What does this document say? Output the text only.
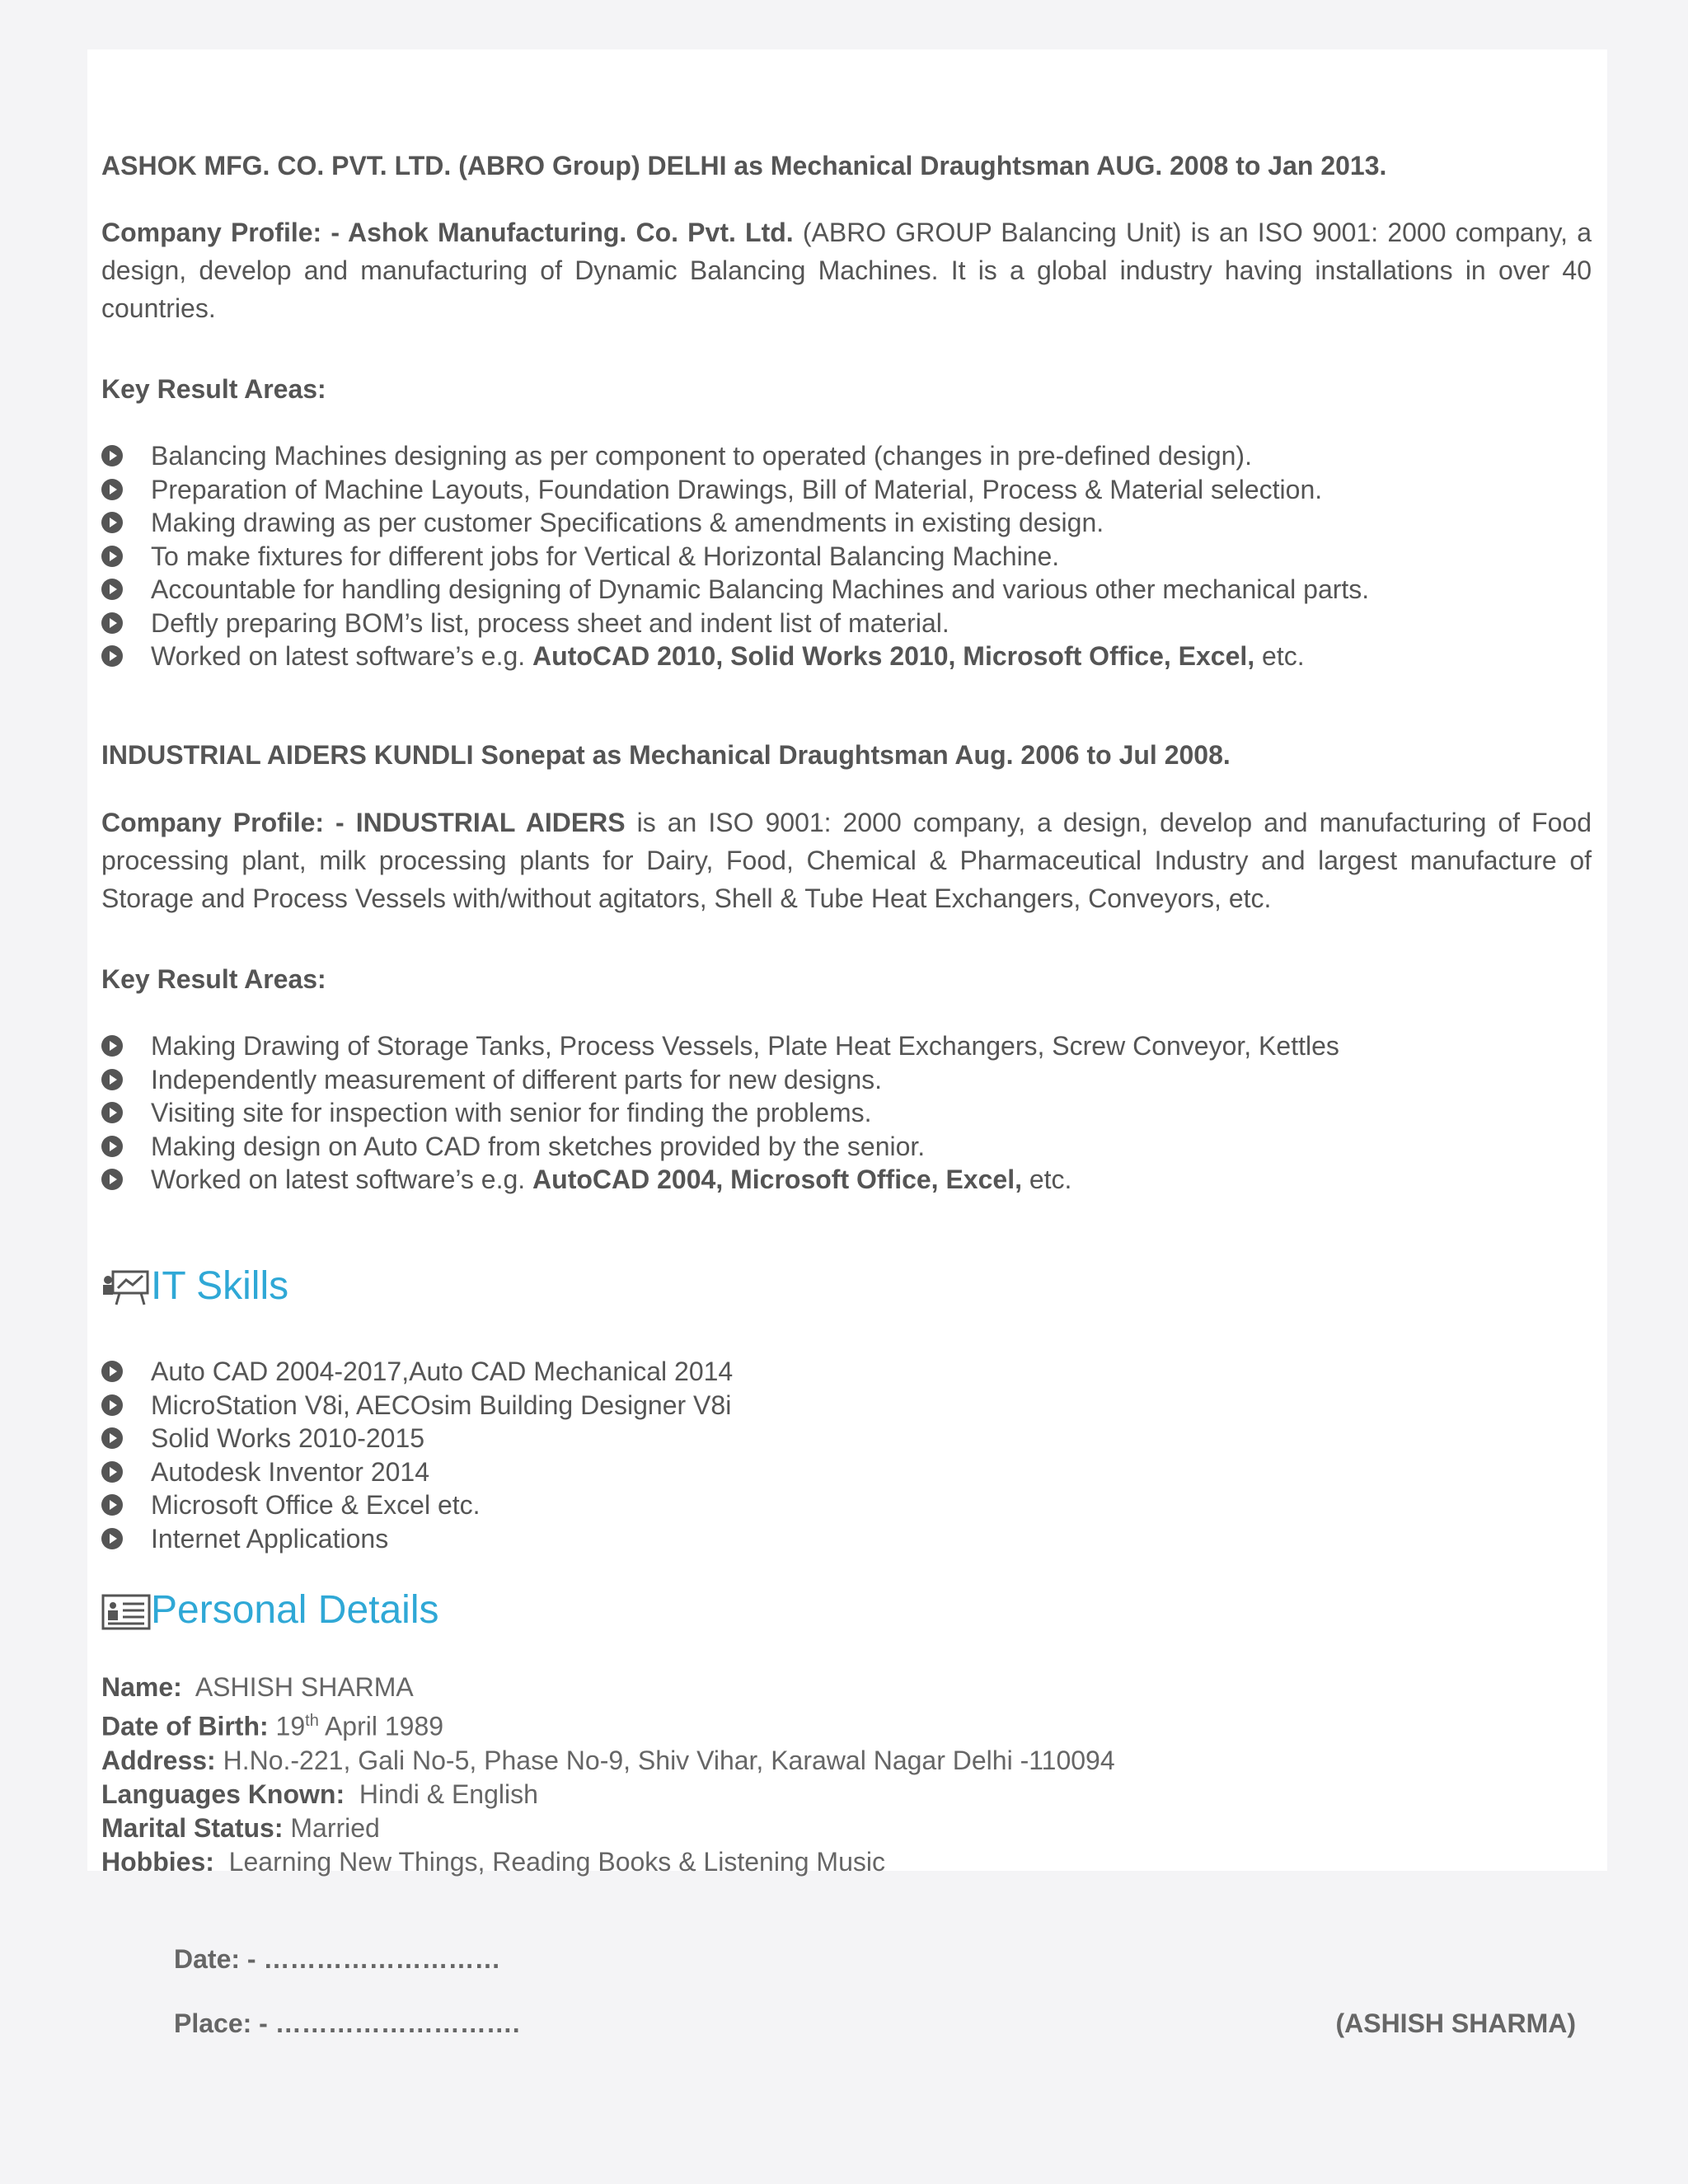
ASHOK MFG. CO. PVT. LTD. (ABRO Group) DELHI as Mechanical Draughtsman AUG. 2008 to Jan 2013.
Company Profile: - Ashok Manufacturing. Co. Pvt. Ltd. (ABRO GROUP Balancing Unit) is an ISO 9001: 2000 company, a design, develop and manufacturing of Dynamic Balancing Machines. It is a global industry having installations in over 40 countries.
Key Result Areas:
Balancing Machines designing as per component to operated (changes in pre-defined design).
Preparation of Machine Layouts, Foundation Drawings, Bill of Material, Process & Material selection.
Making drawing as per customer Specifications & amendments in existing design.
To make fixtures for different jobs for Vertical & Horizontal Balancing Machine.
Accountable for handling designing of Dynamic Balancing Machines and various other mechanical parts.
Deftly preparing BOM’s list, process sheet and indent list of material.
Worked on latest software’s e.g. AutoCAD 2010, Solid Works 2010, Microsoft Office, Excel, etc.
INDUSTRIAL AIDERS KUNDLI Sonepat as Mechanical Draughtsman Aug. 2006 to Jul 2008.
Company Profile: - INDUSTRIAL AIDERS is an ISO 9001: 2000 company, a design, develop and manufacturing of Food processing plant, milk processing plants for Dairy, Food, Chemical & Pharmaceutical Industry and largest manufacture of Storage and Process Vessels with/without agitators, Shell & Tube Heat Exchangers, Conveyors, etc.
Key Result Areas:
Making Drawing of Storage Tanks, Process Vessels, Plate Heat Exchangers, Screw Conveyor, Kettles
Independently measurement of different parts for new designs.
Visiting site for inspection with senior for finding the problems.
Making design on Auto CAD from sketches provided by the senior.
Worked on latest software’s e.g. AutoCAD 2004, Microsoft Office, Excel, etc.
IT Skills
Auto CAD 2004-2017,Auto CAD Mechanical 2014
MicroStation V8i, AECOsim Building Designer V8i
Solid Works 2010-2015
Autodesk Inventor 2014
Microsoft Office & Excel etc.
Internet Applications
Personal Details
Name: ASHISH SHARMA
Date of Birth: 19th April 1989
Address: H.No.-221, Gali No-5, Phase No-9, Shiv Vihar, Karawal Nagar Delhi -110094
Languages Known: Hindi & English
Marital Status: Married
Hobbies: Learning New Things, Reading Books & Listening Music
Date: - ………………………
Place: - ……………………….	(ASHISH SHARMA)
